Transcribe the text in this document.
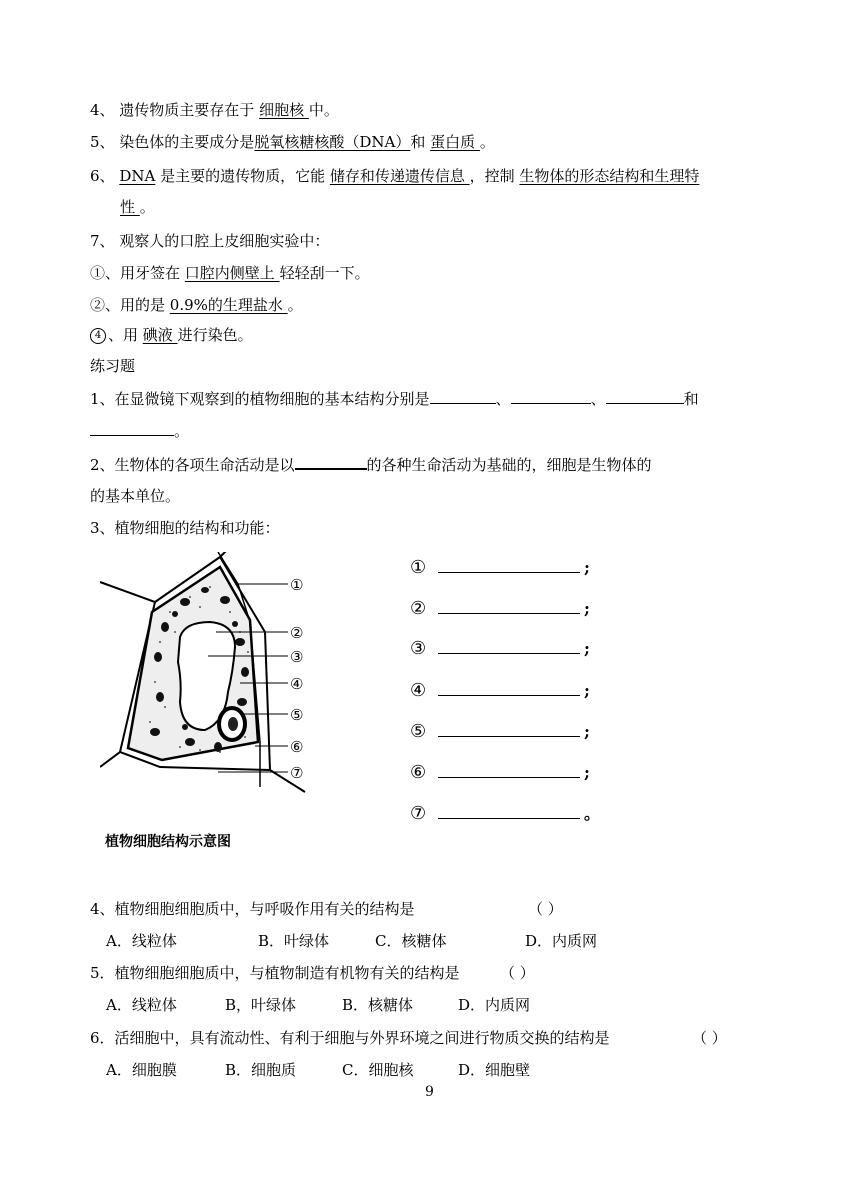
4、 遗传物质主要存在于 细胞核 中。
5、 染色体的主要成分是脱氧核糖核酸（DNA）和 蛋白质 。
6、 DNA 是主要的遗传物质，它能 储存和传递遗传信息 ，控制 生物体的形态结构和生理特
性 。
7、 观察人的口腔上皮细胞实验中：
①、用牙签在 口腔内侧壁上 轻轻刮一下。
②、用的是 0.9%的生理盐水 。
4 、用 碘液 进行染色。
练习题
1、在显微镜下观察到的植物细胞的基本结构分别是	、	、	和
。
2、生物体的各项生命活动是以	的各种生命活动为基础的，细胞是生物体的
的基本单位。
3、植物细胞的结构和功能：
①
②
③
④
⑤
⑥
⑦
植物细胞结构示意图
①	;
②	;
③	;
④	;
⑤	;
⑥	;
⑦	。
4、植物细胞细胞质中，与呼吸作用有关的结构是	（ ）
A．线粒体	B．叶绿体	C．核糖体	D．内质网
5．植物细胞细胞质中，与植物制造有机物有关的结构是	（ ）
A．线粒体	B，叶绿体	B．核糖体	D．内质网
6．活细胞中，具有流动性、有利于细胞与外界环境之间进行物质交换的结构是	（ ）
A．细胞膜	B．细胞质	C．细胞核	D．细胞壁
9
